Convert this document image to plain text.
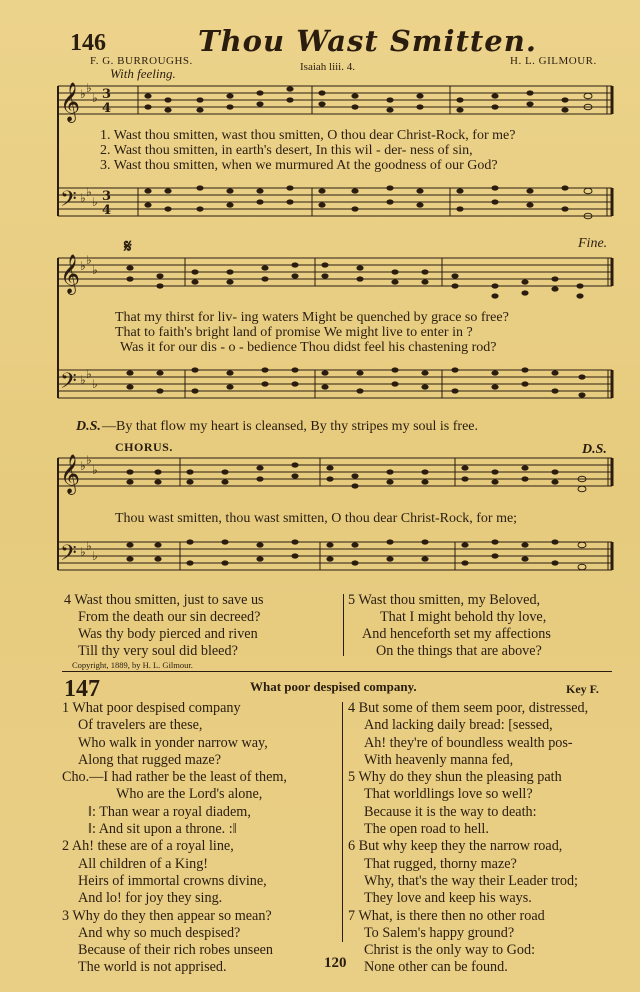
146	Thou Wast Smitten.
F. G. BURROUGHS.	H. L. GILMOUR.
With feeling.	Isaiah liii. 4.
𝄞
𝄢
♭ ♭
♭
♭ ♭
♭
3
4
3
4
1. Wast thou smitten, wast thou smitten, O thou dear Christ-Rock, for me?
2. Wast thou smitten, in earth's desert, In this wil - der- ness of sin,
3. Wast thou smitten, when we murmured At the goodness of our God?
𝄋	Fine.
𝄞
𝄢
♭ ♭
♭
♭ ♭
♭
That my thirst for liv- ing waters Might be quenched by grace so free?
That to faith's bright land of promise We might live to enter in ?
Was it for our dis - o - bedience Thou didst feel his chastening rod?
D.S. —By that flow my heart is cleansed, By thy stripes my soul is free.
CHORUS.	D.S.
𝄞
𝄢
♭ ♭
♭
♭ ♭
♭
Thou wast smitten, thou wast smitten, O thou dear Christ-Rock, for me;
4 Wast thou smitten, just to save us
From the death our sin decreed?
Was thy body pierced and riven
Till thy very soul did bleed?
5 Wast thou smitten, my Beloved,
That I might behold thy love,
And henceforth set my affections
On the things that are above?
Copyright, 1889, by H. L. Gilmour.
147	What poor despised company.	Key F.
1 What poor despised company
Of travelers are these,
Who walk in yonder narrow way,
Along that rugged maze?
Cho.—I had rather be the least of them,
Who are the Lord's alone,
‖: Than wear a royal diadem,
‖: And sit upon a throne. :‖
2 Ah! these are of a royal line,
All children of a King!
Heirs of immortal crowns divine,
And lo! for joy they sing.
3 Why do they then appear so mean?
And why so much despised?
Because of their rich robes unseen
The world is not apprised.
4 But some of them seem poor, distressed,
And lacking daily bread: [sessed,
Ah! they're of boundless wealth pos-
With heavenly manna fed,
5 Why do they shun the pleasing path
That worldlings love so well?
Because it is the way to death:
The open road to hell.
6 But why keep they the narrow road,
That rugged, thorny maze?
Why, that's the way their Leader trod;
They love and keep his ways.
7 What, is there then no other road
To Salem's happy ground?
Christ is the only way to God:
None other can be found.
120
